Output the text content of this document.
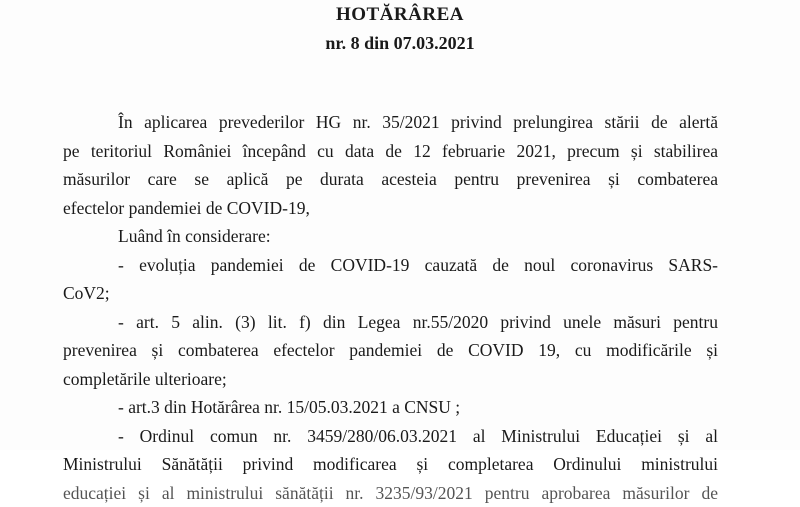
HOTĂRÂREA
nr. 8 din 07.03.2021
În aplicarea prevederilor HG nr. 35/2021 privind prelungirea stării de alertă
pe teritoriul României începând cu data de 12 februarie 2021, precum și stabilirea
măsurilor care se aplică pe durata acesteia pentru prevenirea și combaterea
efectelor pandemiei de COVID-19,
Luând în considerare:
- evoluția pandemiei de COVID-19 cauzată de noul coronavirus SARS-
CoV2;
- art. 5 alin. (3) lit. f) din Legea nr.55/2020 privind unele măsuri pentru
prevenirea și combaterea efectelor pandemiei de COVID 19, cu modificările și
completările ulterioare;
- art.3 din Hotărârea nr. 15/05.03.2021 a CNSU ;
- Ordinul comun nr. 3459/280/06.03.2021 al Ministrului Educației și al
Ministrului Sănătății privind modificarea și completarea Ordinului ministrului
educației și al ministrului sănătății nr. 3235/93/2021 pentru aprobarea măsurilor de
